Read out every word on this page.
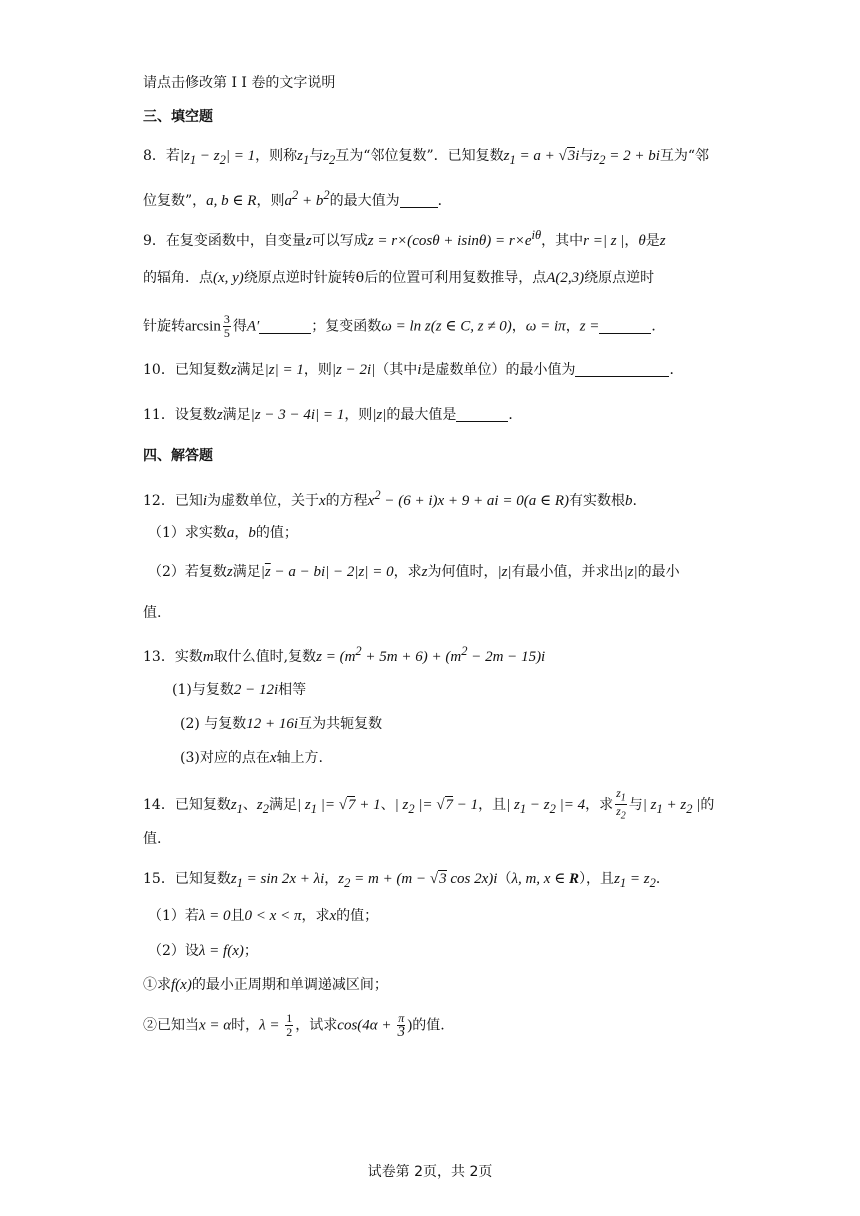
请点击修改第 I I 卷的文字说明
三、填空题
8．若$|z_1 - z_2| = 1$，则称$z_1$与$z_2$互为“邻位复数”．已知复数$z_1 = a + √3i$与$z_2 = 2$ + bi互为“邻
位复数”，a, b ∈ R，则$a^2 + b^2$的最大值为	．
9．在复变函数中，自变量z可以写成$z = r\times(\cos\theta + isin\theta) = r\times e^{i\theta}$，其中r =| z |，θ是z
的辐角．点(x, y)绕原点逆时针旋转θ后的位置可利用复数推导，点A(2,3)绕原点逆时
针旋转$\arcsin \frac{3}{5}$ 得A′	；复变函数ω = ln z(z ∈ C, z ≠ 0)，ω = iπ，z =	．
10．已知复数z满足|z| = 1，则|z − 2i|（其中i是虚数单位）的最小值为	．
11．设复数z满足|z − 3 − 4i| = 1，则|z|的最大值是	．
四、解答题
12．已知i为虚数单位，关于x的方程$x^2 - (6 + i)x + 9$ + ai = 0(a ∈ R)有实数根b.
（1）求实数a，b的值；
（2）若复数z满足$|\overline{z} - a - bi| - 2|z| = 0$，求z为何值时，|z|有最小值，并求出|z|的最小
值.
13．实数m取什么值时,复数$z = (m^2 + 5m + 6) + (m^2 - 2m - 15)i$
(1)与复数2 − 12i相等
(2) 与复数12 + 16i互为共轭复数
(3)对应的点在x轴上方.
14．已知复数$z_1$、$z_2$满足| $z_1$ |= √7 + 1、| $z_2$ |= √7 − 1，且| $z_1 - z_2$ |= 4，求 $\frac{z_1}{z_2}$ 与| $z_1 + z_2$ |的
值.
15．已知复数$z_1 = \sin 2x + \lambda i$，$z_2 = m + (m - √3$ cos 2x)i（λ, m, x ∈ R），且$z_1 = z_2$．
（1）若λ = 0且0 < x < π，求x的值；
（2）设λ = f(x)；
①求f(x)的最小正周期和单调递减区间；
②已知当x = α时，$\lambda = \frac{1}{2}$ ，试求$\cos(4\alpha + \frac{\pi}{3}$ )的值.
试卷第 2页，共 2页
